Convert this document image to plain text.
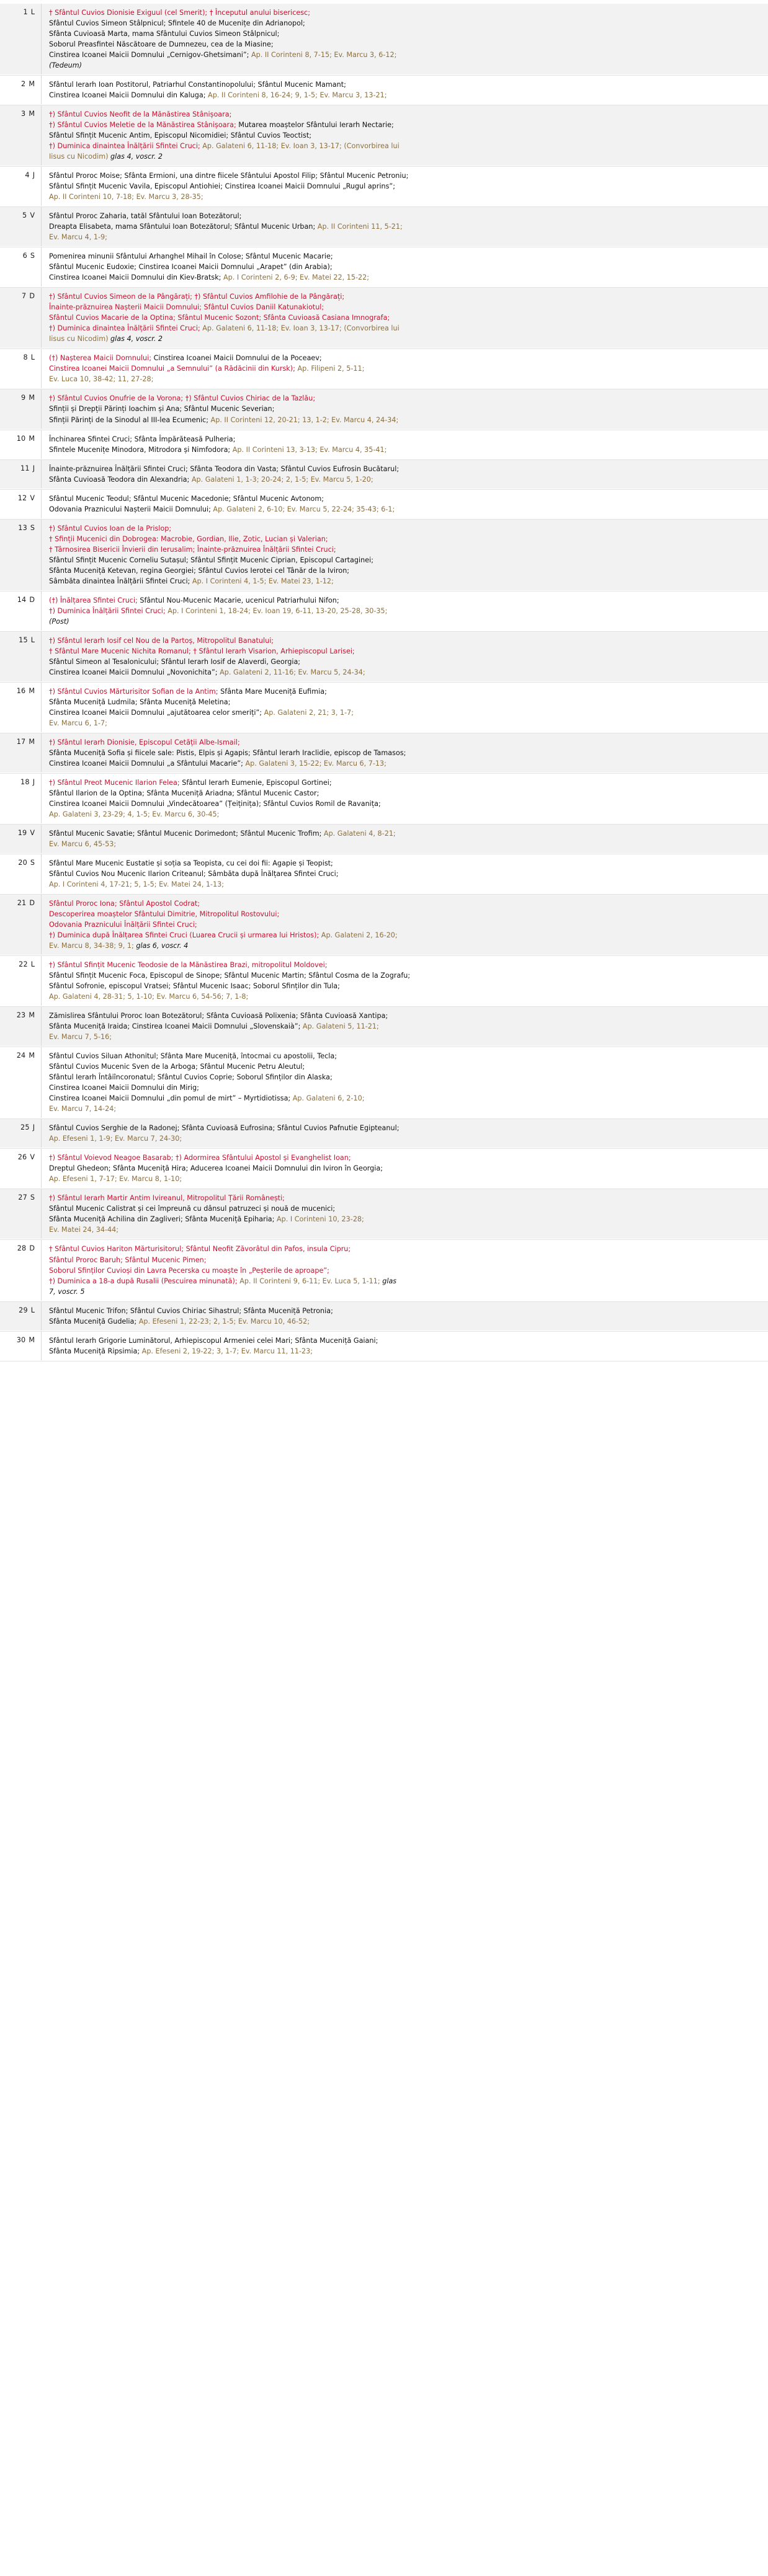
1 L	† Sfântul Cuvios Dionisie Exiguul (cel Smerit); † Începutul anului bisericesc;
Sfântul Cuvios Simeon Stâlpnicul; Sfintele 40 de Mucenițe din Adrianopol;
Sfânta Cuvioasă Marta, mama Sfântului Cuvios Simeon Stâlpnicul;
Soborul Preasfintei Născătoare de Dumnezeu, cea de la Miasine;
Cinstirea Icoanei Maicii Domnului „Cernigov-Ghetsimani”; Ap. II Corinteni 8, 7-15; Ev. Marcu 3, 6-12;
(Tedeum)

2 M	Sfântul Ierarh Ioan Postitorul, Patriarhul Constantinopolului; Sfântul Mucenic Mamant;
Cinstirea Icoanei Maicii Domnului din Kaluga; Ap. II Corinteni 8, 16-24; 9, 1-5; Ev. Marcu 3, 13-21;

3 M	†) Sfântul Cuvios Neofit de la Mănăstirea Stânișoara;
†) Sfântul Cuvios Meletie de la Mănăstirea Stânișoara; Mutarea moaștelor Sfântului Ierarh Nectarie;
Sfântul Sfințit Mucenic Antim, Episcopul Nicomidiei; Sfântul Cuvios Teoctist;
†) Duminica dinaintea Înălțării Sfintei Cruci; Ap. Galateni 6, 11-18; Ev. Ioan 3, 13-17; (Convorbirea lui
Iisus cu Nicodim) glas 4, voscr. 2

4 J	Sfântul Proroc Moise; Sfânta Ermioni, una dintre fiicele Sfântului Apostol Filip; Sfântul Mucenic Petroniu;
Sfântul Sfințit Mucenic Vavila, Episcopul Antiohiei; Cinstirea Icoanei Maicii Domnului „Rugul aprins”;
Ap. II Corinteni 10, 7-18; Ev. Marcu 3, 28-35;

5 V	Sfântul Proroc Zaharia, tatăl Sfântului Ioan Botezătorul;
Dreapta Elisabeta, mama Sfântului Ioan Botezătorul; Sfântul Mucenic Urban; Ap. II Corinteni 11, 5-21;
Ev. Marcu 4, 1-9;

6 S	Pomenirea minunii Sfântului Arhanghel Mihail în Colose; Sfântul Mucenic Macarie;
Sfântul Mucenic Eudoxie; Cinstirea Icoanei Maicii Domnului „Arapet” (din Arabia);
Cinstirea Icoanei Maicii Domnului din Kiev-Bratsk; Ap. I Corinteni 2, 6-9; Ev. Matei 22, 15-22;

7 D	†) Sfântul Cuvios Simeon de la Pângărați; †) Sfântul Cuvios Amfilohie de la Pângărați;
Înainte-prăznuirea Nașterii Maicii Domnului; Sfântul Cuvios Daniil Katunakiotul;
Sfântul Cuvios Macarie de la Optina; Sfântul Mucenic Sozont; Sfânta Cuvioasă Casiana Imnografa;
†) Duminica dinaintea Înălțării Sfintei Cruci; Ap. Galateni 6, 11-18; Ev. Ioan 3, 13-17; (Convorbirea lui
Iisus cu Nicodim) glas 4, voscr. 2

8 L	(†) Nașterea Maicii Domnului; Cinstirea Icoanei Maicii Domnului de la Poceaev;
Cinstirea Icoanei Maicii Domnului „a Semnului” (a Rădăcinii din Kursk); Ap. Filipeni 2, 5-11;
Ev. Luca 10, 38-42; 11, 27-28;

9 M	†) Sfântul Cuvios Onufrie de la Vorona; †) Sfântul Cuvios Chiriac de la Tazlău;
Sfinții și Drepții Părinți Ioachim și Ana; Sfântul Mucenic Severian;
Sfinții Părinți de la Sinodul al III-lea Ecumenic; Ap. II Corinteni 12, 20-21; 13, 1-2; Ev. Marcu 4, 24-34;

10 M	Închinarea Sfintei Cruci; Sfânta Împărăteasă Pulheria;
Sfintele Mucenițe Minodora, Mitrodora și Nimfodora; Ap. II Corinteni 13, 3-13; Ev. Marcu 4, 35-41;

11 J	Înainte-prăznuirea Înălțării Sfintei Cruci; Sfânta Teodora din Vasta; Sfântul Cuvios Eufrosin Bucătarul;
Sfânta Cuvioasă Teodora din Alexandria; Ap. Galateni 1, 1-3; 20-24; 2, 1-5; Ev. Marcu 5, 1-20;

12 V	Sfântul Mucenic Teodul; Sfântul Mucenic Macedonie; Sfântul Mucenic Avtonom;
Odovania Praznicului Nașterii Maicii Domnului; Ap. Galateni 2, 6-10; Ev. Marcu 5, 22-24; 35-43; 6-1;

13 S	†) Sfântul Cuvios Ioan de la Prislop;
† Sfinții Mucenici din Dobrogea: Macrobie, Gordian, Ilie, Zotic, Lucian și Valerian;
† Târnosirea Bisericii Învierii din Ierusalim; Înainte-prăznuirea Înălțării Sfintei Cruci;
Sfântul Sfințit Mucenic Corneliu Sutașul; Sfântul Sfințit Mucenic Ciprian, Episcopul Cartaginei;
Sfânta Muceniță Ketevan, regina Georgiei; Sfântul Cuvios Ierotei cel Tânăr de la Iviron;
Sâmbăta dinaintea Înălțării Sfintei Cruci; Ap. I Corinteni 4, 1-5; Ev. Matei 23, 1-12;

14 D	(†) Înălțarea Sfintei Cruci; Sfântul Nou-Mucenic Macarie, ucenicul Patriarhului Nifon;
†) Duminica Înălțării Sfintei Cruci; Ap. I Corinteni 1, 18-24; Ev. Ioan 19, 6-11, 13-20, 25-28, 30-35;
(Post)

15 L	†) Sfântul Ierarh Iosif cel Nou de la Partoș, Mitropolitul Banatului;
† Sfântul Mare Mucenic Nichita Romanul; † Sfântul Ierarh Visarion, Arhiepiscopul Larisei;
Sfântul Simeon al Tesalonicului; Sfântul Ierarh Iosif de Alaverdi, Georgia;
Cinstirea Icoanei Maicii Domnului „Novonichita”; Ap. Galateni 2, 11-16; Ev. Marcu 5, 24-34;

16 M	†) Sfântul Cuvios Mărturisitor Sofian de la Antim; Sfânta Mare Muceniță Eufimia;
Sfânta Muceniță Ludmila; Sfânta Muceniță Meletina;
Cinstirea Icoanei Maicii Domnului „ajutătoarea celor smeriți”; Ap. Galateni 2, 21; 3, 1-7;
Ev. Marcu 6, 1-7;

17 M	†) Sfântul Ierarh Dionisie, Episcopul Cetății Albe-Ismail;
Sfânta Muceniță Sofia și fiicele sale: Pistis, Elpis și Agapis; Sfântul Ierarh Iraclidie, episcop de Tamasos;
Cinstirea Icoanei Maicii Domnului „a Sfântului Macarie”; Ap. Galateni 3, 15-22; Ev. Marcu 6, 7-13;

18 J	†) Sfântul Preot Mucenic Ilarion Felea; Sfântul Ierarh Eumenie, Episcopul Gortinei;
Sfântul Ilarion de la Optina; Sfânta Muceniță Ariadna; Sfântul Mucenic Castor;
Cinstirea Icoanei Maicii Domnului „Vindecătoarea” (Țeiținița); Sfântul Cuvios Romil de Ravanița;
Ap. Galateni 3, 23-29; 4, 1-5; Ev. Marcu 6, 30-45;

19 V	Sfântul Mucenic Savatie; Sfântul Mucenic Dorimedont; Sfântul Mucenic Trofim; Ap. Galateni 4, 8-21;
Ev. Marcu 6, 45-53;

20 S	Sfântul Mare Mucenic Eustatie și soția sa Teopista, cu cei doi fii: Agapie și Teopist;
Sfântul Cuvios Nou Mucenic Ilarion Criteanul; Sâmbăta după Înălțarea Sfintei Cruci;
Ap. I Corinteni 4, 17-21; 5, 1-5; Ev. Matei 24, 1-13;

21 D	Sfântul Proroc Iona; Sfântul Apostol Codrat;
Descoperirea moaștelor Sfântului Dimitrie, Mitropolitul Rostovului;
Odovania Praznicului Înălțării Sfintei Cruci;
†) Duminica după Înălțarea Sfintei Cruci (Luarea Crucii și urmarea lui Hristos); Ap. Galateni 2, 16-20;
Ev. Marcu 8, 34-38; 9, 1; glas 6, voscr. 4

22 L	†) Sfântul Sfințit Mucenic Teodosie de la Mănăstirea Brazi, mitropolitul Moldovei;
Sfântul Sfințit Mucenic Foca, Episcopul de Sinope; Sfântul Mucenic Martin; Sfântul Cosma de la Zografu;
Sfântul Sofronie, episcopul Vratsei; Sfântul Mucenic Isaac; Soborul Sfinților din Tula;
Ap. Galateni 4, 28-31; 5, 1-10; Ev. Marcu 6, 54-56; 7, 1-8;

23 M	Zămislirea Sfântului Proroc Ioan Botezătorul; Sfânta Cuvioasă Polixenia; Sfânta Cuvioasă Xantipa;
Sfânta Muceniță Iraida; Cinstirea Icoanei Maicii Domnului „Slovenskaià”; Ap. Galateni 5, 11-21;
Ev. Marcu 7, 5-16;

24 M	Sfântul Cuvios Siluan Athonitul; Sfânta Mare Muceniță, întocmai cu apostolii, Tecla;
Sfântul Cuvios Mucenic Sven de la Arboga; Sfântul Mucenic Petru Aleutul;
Sfântul Ierarh Întâiîncoronatul; Sfântul Cuvios Coprie; Soborul Sfinților din Alaska;
Cinstirea Icoanei Maicii Domnului din Mirig;
Cinstirea Icoanei Maicii Domnului „din pomul de mirt” – Myrtidiotissa; Ap. Galateni 6, 2-10;
Ev. Marcu 7, 14-24;

25 J	Sfântul Cuvios Serghie de la Radonej; Sfânta Cuvioasă Eufrosina; Sfântul Cuvios Pafnutie Egipteanul;
Ap. Efeseni 1, 1-9; Ev. Marcu 7, 24-30;

26 V	†) Sfântul Voievod Neagoe Basarab; †) Adormirea Sfântului Apostol și Evanghelist Ioan;
Dreptul Ghedeon; Sfânta Muceniță Hira; Aducerea Icoanei Maicii Domnului din Iviron în Georgia;
Ap. Efeseni 1, 7-17; Ev. Marcu 8, 1-10;

27 S	†) Sfântul Ierarh Martir Antim Ivireanul, Mitropolitul Țării Românești;
Sfântul Mucenic Calistrat și cei împreună cu dânsul patruzeci și nouă de mucenici;
Sfânta Muceniță Achilina din Zagliveri; Sfânta Muceniță Epiharia; Ap. I Corinteni 10, 23-28;
Ev. Matei 24, 34-44;

28 D	† Sfântul Cuvios Hariton Mărturisitorul; Sfântul Neofit Zăvorâtul din Pafos, insula Cipru;
Sfântul Proroc Baruh; Sfântul Mucenic Pimen;
Soborul Sfinților Cuvioși din Lavra Pecerska cu moaște în „Peșterile de aproape”;
†) Duminica a 18-a după Rusalii (Pescuirea minunată); Ap. II Corinteni 9, 6-11; Ev. Luca 5, 1-11; glas
7, voscr. 5

29 L	Sfântul Mucenic Trifon; Sfântul Cuvios Chiriac Sihastrul; Sfânta Muceniță Petronia;
Sfânta Muceniță Gudelia; Ap. Efeseni 1, 22-23; 2, 1-5; Ev. Marcu 10, 46-52;

30 M	Sfântul Ierarh Grigorie Luminătorul, Arhiepiscopul Armeniei celei Mari; Sfânta Muceniță Gaiani;
Sfânta Muceniță Ripsimia; Ap. Efeseni 2, 19-22; 3, 1-7; Ev. Marcu 11, 11-23;
